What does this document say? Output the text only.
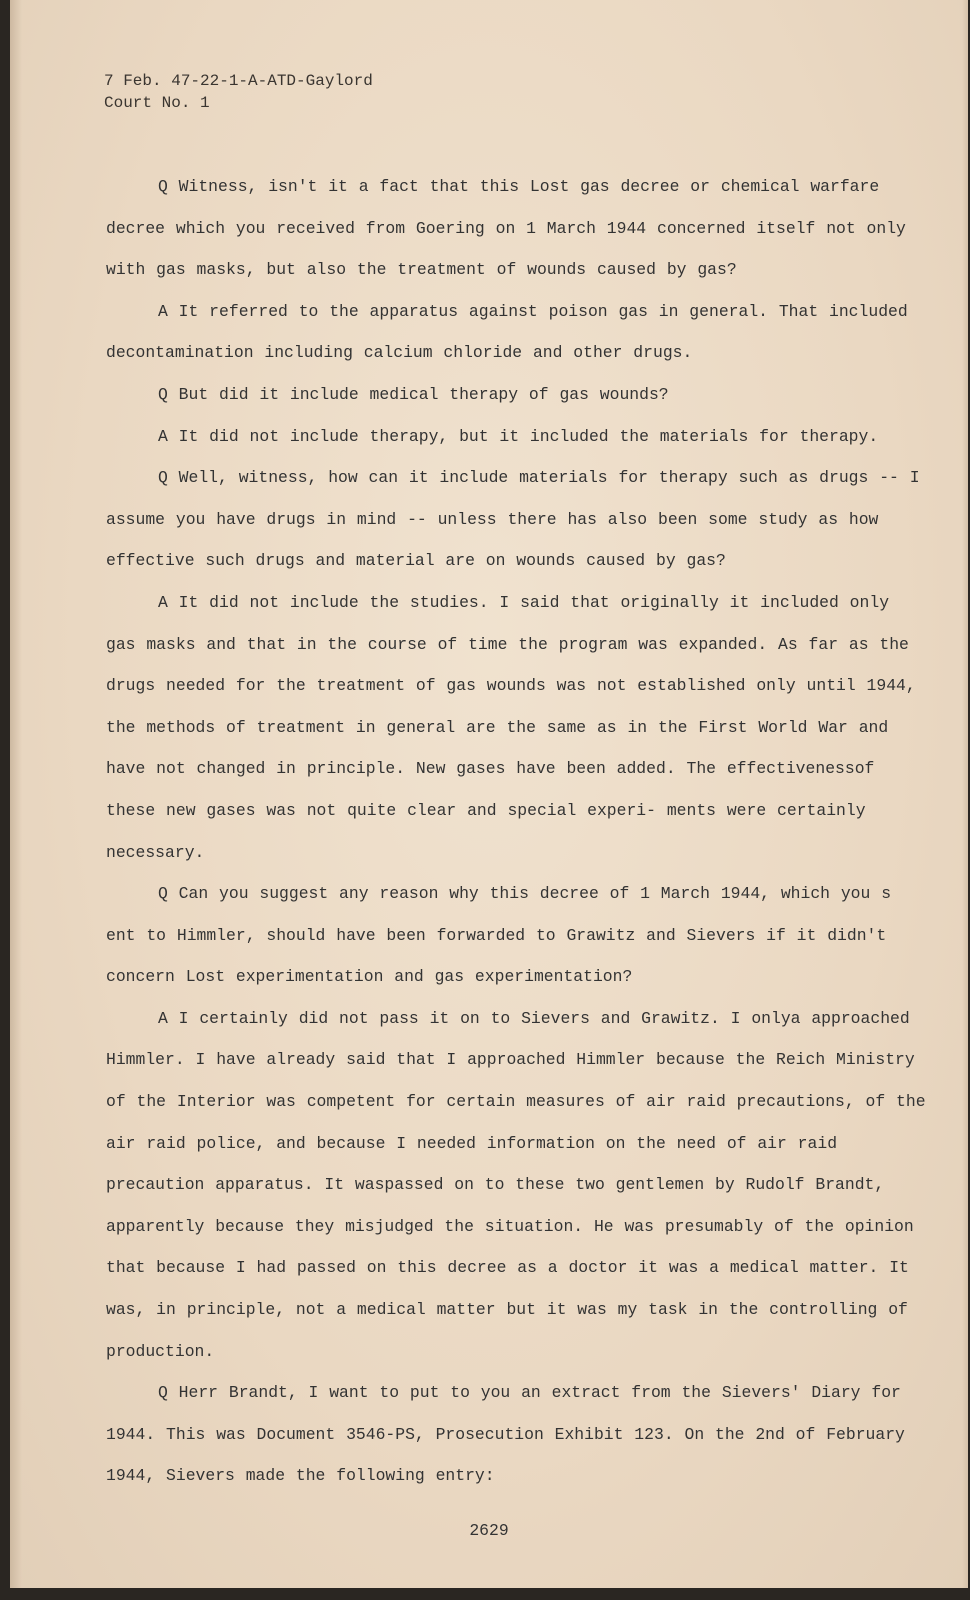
7 Feb. 47-22-1-A-ATD-Gaylord
Court No. 1

Q Witness, isn't it a fact that this Lost gas decree or chemical warfare decree which you received from Goering on 1 March 1944 concerned itself not only with gas masks, but also the treatment of wounds caused by gas?

A It referred to the apparatus against poison gas in general. That included decontamination including calcium chloride and other drugs.

Q But did it include medical therapy of gas wounds?

A It did not include therapy, but it included the materials for therapy.

Q Well, witness, how can it include materials for therapy such as drugs -- I assume you have drugs in mind -- unless there has also been some study as how effective such drugs and material are on wounds caused by gas?

A It did not include the studies. I said that originally it included only gas masks and that in the course of time the program was expanded. As far as the drugs needed for the treatment of gas wounds was not established only until 1944, the methods of treatment in general are the same as in the First World War and have not changed in principle. New gases have been added. The effectivenessof these new gases was not quite clear and special experi- ments were certainly necessary.

Q Can you suggest any reason why this decree of 1 March 1944, which you s ent to Himmler, should have been forwarded to Grawitz and Sievers if it didn't concern Lost experimentation and gas experimentation?

A I certainly did not pass it on to Sievers and Grawitz. I onlya approached Himmler. I have already said that I approached Himmler because the Reich Ministry of the Interior was competent for certain measures of air raid precautions, of the air raid police, and because I needed information on the need of air raid precaution apparatus. It waspassed on to these two gentlemen by Rudolf Brandt, apparently because they misjudged the situation. He was presumably of the opinion that because I had passed on this decree as a doctor it was a medical matter. It was, in principle, not a medical matter but it was my task in the controlling of production.

Q Herr Brandt, I want to put to you an extract from the Sievers' Diary for 1944. This was Document 3546-PS, Prosecution Exhibit 123. On the 2nd of February 1944, Sievers made the following entry:

2629
